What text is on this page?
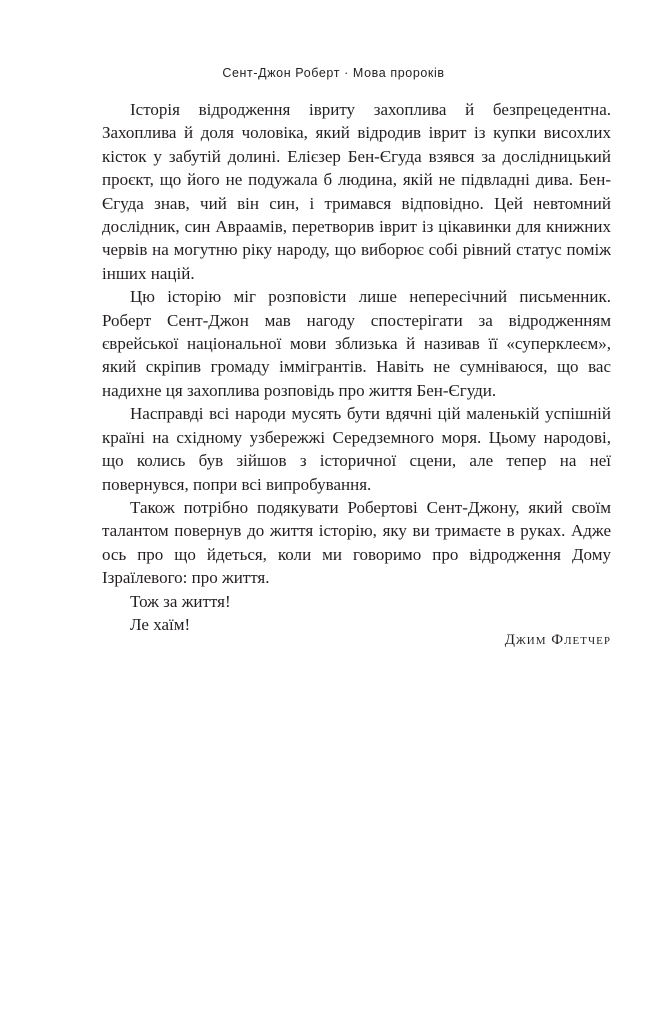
Сент-Джон Роберт · Мова пророків

Історія відродження івриту захоплива й безпрецедентна. Захоплива й доля чоловіка, який відродив іврит із купки висохлих кісток у забутій долині. Елієзер Бен-Єгуда взявся за дослідницький проєкт, що його не подужала б людина, якій не підвладні дива. Бен-Єгуда знав, чий він син, і тримався відповідно. Цей невтомний дослідник, син Авраамів, перетворив іврит із цікавинки для книжних червів на могутню ріку народу, що виборює собі рівний статус поміж інших націй.

Цю історію міг розповісти лише непересічний письменник. Роберт Сент-Джон мав нагоду спостерігати за відродженням єврейської національної мови зблизька й називав її «суперклеєм», який скріпив громаду іммігрантів. Навіть не сумніваюся, що вас надихне ця захоплива розповідь про життя Бен-Єгуди.

Насправді всі народи мусять бути вдячні цій маленькій успішній країні на східному узбережжі Середземного моря. Цьому народові, що колись був зійшов з історичної сцени, але тепер на неї повернувся, попри всі випробування.

Також потрібно подякувати Робертові Сент-Джону, який своїм талантом повернув до життя історію, яку ви тримаєте в руках. Адже ось про що йдеться, коли ми говоримо про відродження Дому Ізраїлевого: про життя.

Тож за життя!

Ле хаїм!

Джим Флетчер
